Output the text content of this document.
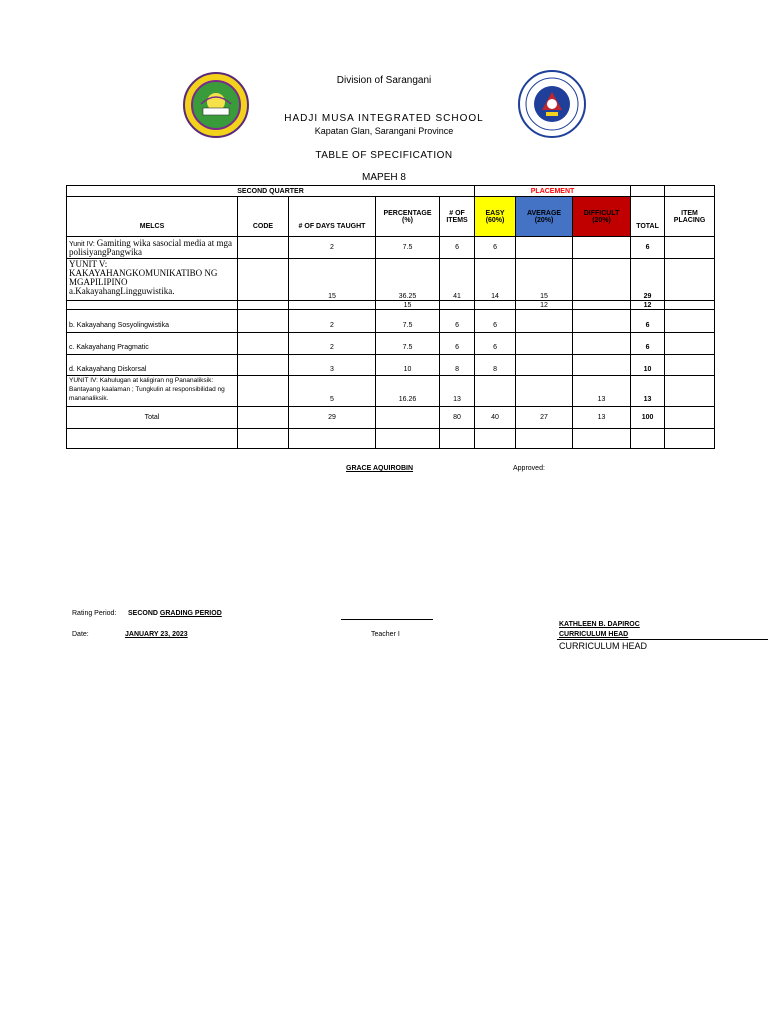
Division of Sarangani
HADJI MUSA INTEGRATED SCHOOL
Kapatan Glan, Sarangani Province
TABLE OF SPECIFICATION
MAPEH 8
SECOND QUARTER					PLACEMENT				
MELCS	CODE	# OF DAYS TAUGHT	PERCENTAGE (%)	# OF ITEMS	EASY (60%)	AVERAGE (20%)	DIFFICULT (20%)	TOTAL	ITEM PLACING
Yunit IV: Gamiting wika sasocial media at mga polisiyangPangwika		2	7.5	6	6			6	

YUNIT V: KAKAYAHANGKOMUNIKATIBO NG MGAPILIPINO
a.KakayahangLingguwistika.		15	36.25	41	14	15		29	
			15			12		12	
b. Kakayahang Sosyolingwistika		2	7.5	6	6			6	
c. Kakayahang Pragmatic		2	7.5	6	6			6	
d. Kakayahang Diskorsal		3	10	8	8			10	
YUNIT IV: Kahulugan at kaligiran ng Pananaliksik: Bantayang kaalaman ; Tungkulin at responsibilidad ng mananaliksik.		5	16.26	13			13	13	
Total		29		80	40	27	13	100	

GRACE AQUIROBIN	Approved:
Rating Period: SECOND GRADING PERIOD
KATHLEEN B. DAPIROC
CURRICULUM HEAD
Date:	JANUARY 23, 2023	Teacher I
CURRICULUM HEAD
